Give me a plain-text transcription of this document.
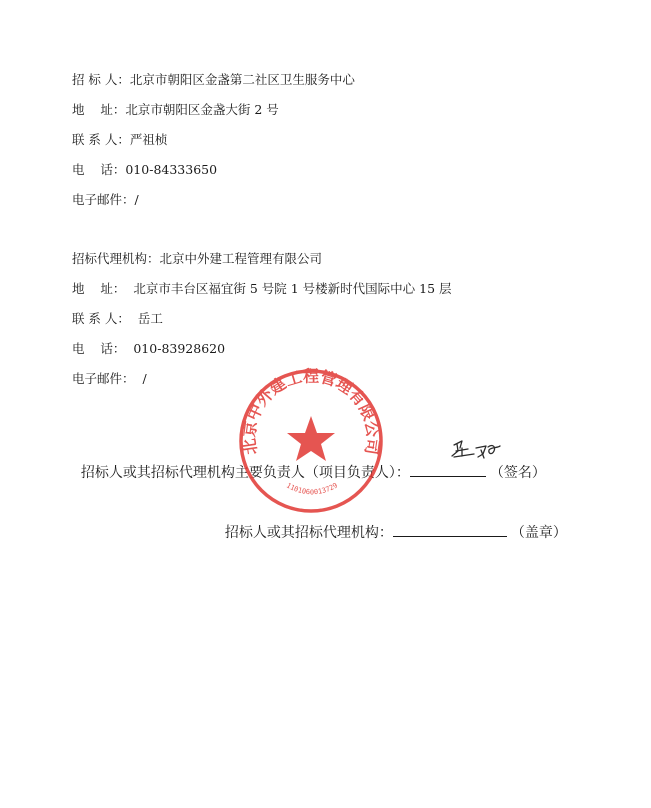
招 标 人：北京市朝阳区金盏第二社区卫生服务中心

地    址：北京市朝阳区金盏大街 2 号

联 系 人：严祖桢

电    话：010-84333650

电子邮件：/

招标代理机构：北京中外建工程管理有限公司

地    址： 北京市丰台区福宜街 5 号院 1 号楼新时代国际中心 15 层

联 系 人： 岳工

电    话： 010-83928620

电子邮件： /

招标人或其招标代理机构主要负责人（项目负责人）：	（签名）

招标人或其招标代理机构：	（盖章）

北京中外建工程管理有限公司
1101060013729
